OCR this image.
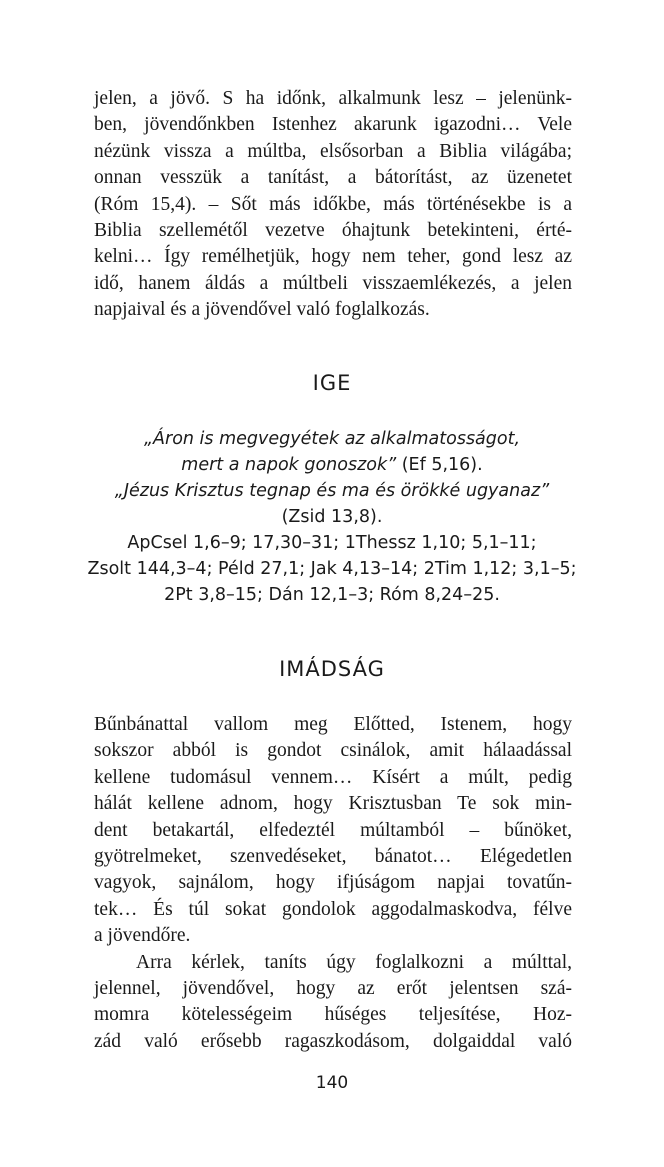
jelen, a jövő. S ha időnk, alkalmunk lesz – jelenünk-
ben, jövendőnkben Istenhez akarunk igazodni… Vele
nézünk vissza a múltba, elsősorban a Biblia világába;
onnan vesszük a tanítást, a bátorítást, az üzenetet
(Róm 15,4). – Sőt más időkbe, más történésekbe is a
Biblia szellemétől vezetve óhajtunk betekinteni, érté-
kelni… Így remélhetjük, hogy nem teher, gond lesz az
idő, hanem áldás a múltbeli visszaemlékezés, a jelen
napjaival és a jövendővel való foglalkozás.
IGE
„Áron is megvegyétek az alkalmatosságot,
mert a napok gonoszok” (Ef 5,16).
„Jézus Krisztus tegnap és ma és örökké ugyanaz”
(Zsid 13,8).
ApCsel 1,6–9; 17,30–31; 1Thessz 1,10; 5,1–11;
Zsolt 144,3–4; Péld 27,1; Jak 4,13–14; 2Tim 1,12; 3,1–5;
2Pt 3,8–15; Dán 12,1–3; Róm 8,24–25.
IMÁDSÁG
Bűnbánattal vallom meg Előtted, Istenem, hogy
sokszor abból is gondot csinálok, amit hálaadással
kellene tudomásul vennem… Kísért a múlt, pedig
hálát kellene adnom, hogy Krisztusban Te sok min-
dent betakartál, elfedeztél múltamból – bűnöket,
gyötrelmeket, szenvedéseket, bánatot… Elégedetlen
vagyok, sajnálom, hogy ifjúságom napjai tovatűn-
tek… És túl sokat gondolok aggodalmaskodva, félve
a jövendőre.
Arra kérlek, taníts úgy foglalkozni a múlttal,
jelennel, jövendővel, hogy az erőt jelentsen szá-
momra kötelességeim hűséges teljesítése, Hoz-
zád való erősebb ragaszkodásom, dolgaiddal való
140
